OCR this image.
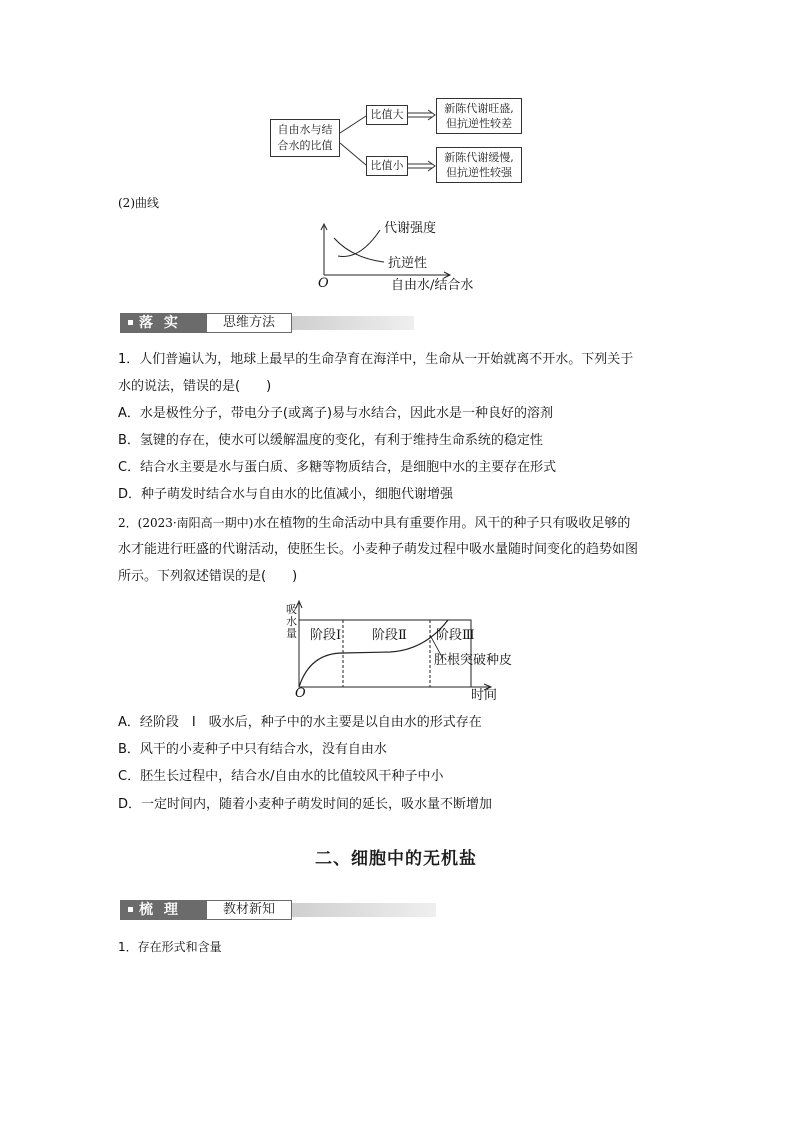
自由水与结
合水的比值
比值大
比值小
新陈代谢旺盛,
但抗逆性较差
新陈代谢缓慢,
但抗逆性较强
(2)曲线
代谢强度
抗逆性
O	自由水/结合水
落 实	思维方法
1．人们普遍认为，地球上最早的生命孕育在海洋中，生命从一开始就离不开水。下列关于
水的说法，错误的是(　　)
A．水是极性分子，带电分子(或离子)易与水结合，因此水是一种良好的溶剂
B．氢键的存在，使水可以缓解温度的变化，有利于维持生命系统的稳定性
C．结合水主要是水与蛋白质、多糖等物质结合，是细胞中水的主要存在形式
D．种子萌发时结合水与自由水的比值减小，细胞代谢增强
2．(2023·南阳高一期中)水在植物的生命活动中具有重要作用。风干的种子只有吸收足够的
水才能进行旺盛的代谢活动，使胚生长。小麦种子萌发过程中吸水量随时间变化的趋势如图
所示。下列叙述错误的是(　　)
阶段Ⅰ 阶段Ⅱ 阶段Ⅲ
吸水量
胚根突破种皮
O	时间
A．经阶段　Ⅰ　吸水后，种子中的水主要是以自由水的形式存在
B．风干的小麦种子中只有结合水，没有自由水
C．胚生长过程中，结合水/自由水的比值较风干种子中小
D．一定时间内，随着小麦种子萌发时间的延长，吸水量不断增加
二、细胞中的无机盐
梳 理	教材新知
1．存在形式和含量
